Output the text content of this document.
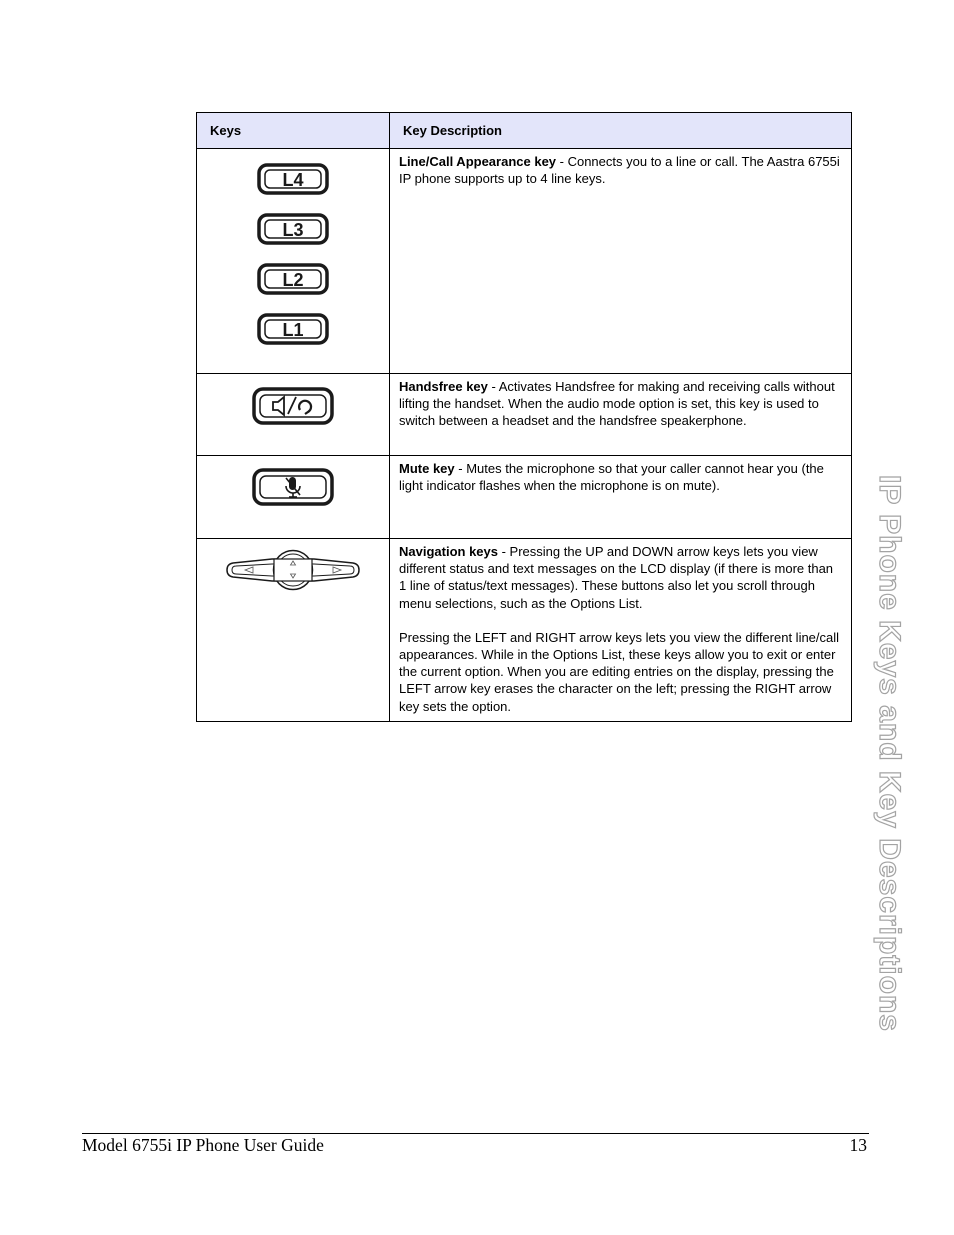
Keys	Key Description

L4
L3
L2
L1	Line/Call Appearance key - Connects you to a line or call. The Aastra 6755i IP phone supports up to 4 line keys.

Handsfree key - Activates Handsfree for making and receiving calls without lifting the handset. When the audio mode option is set, this key is used to switch between a headset and the handsfree speakerphone.

Mute key - Mutes the microphone so that your caller cannot hear you (the light indicator flashes when the microphone is on mute).

Navigation keys - Pressing the UP and DOWN arrow keys lets you view different status and text messages on the LCD display (if there is more than 1 line of status/text messages). These buttons also let you scroll through menu selections, such as the Options List.

Pressing the LEFT and RIGHT arrow keys lets you view the different line/call appearances. While in the Options List, these keys allow you to exit or enter the current option. When you are editing entries on the display, pressing the LEFT arrow key erases the character on the left; pressing the RIGHT arrow key sets the option.	IP Phone Keys and Key Descriptions
Model 6755i IP Phone User Guide	13
